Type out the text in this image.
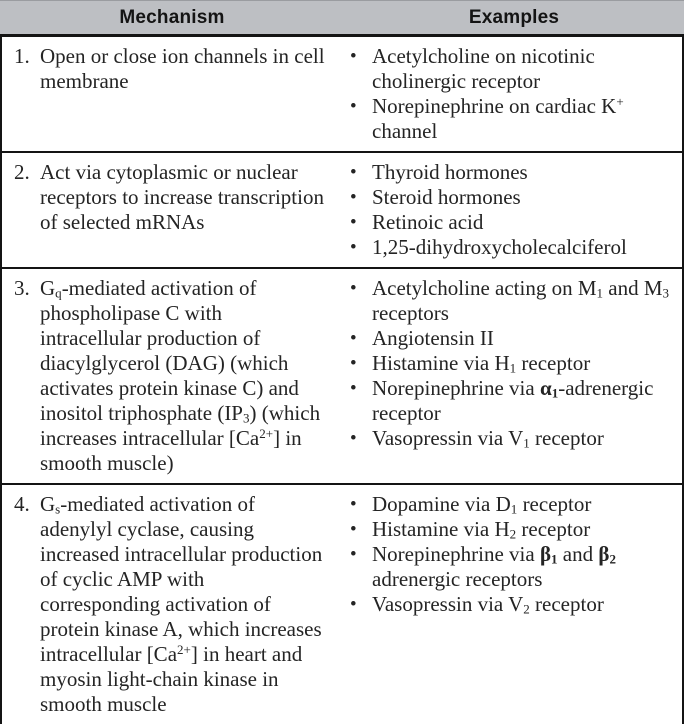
Mechanism	Examples
1. Open or close ion channels in cell membrane
• Acetylcholine on nicotinic cholinergic receptor
• Norepinephrine on cardiac K+ channel
2. Act via cytoplasmic or nuclear receptors to increase transcription of selected mRNAs
• Thyroid hormones
• Steroid hormones
• Retinoic acid
• 1,25-dihydroxycholecalciferol
3. $G_q$-mediated activation of phospholipase C with intracellular production of diacylglycerol (DAG) (which activates protein kinase C) and inositol triphosphate $(IP_3)$ (which increases intracellular $[Ca^{2+}]$ in smooth muscle)
• Acetylcholine acting on $M_1$ and $M_3$ receptors
• Angiotensin II
• Histamine via $H_1$ receptor
• Norepinephrine via $\alpha_1$-adrenergic receptor
• Vasopressin via $V_1$ receptor
4. $G_s$-mediated activation of adenylyl cyclase, causing increased intracellular production of cyclic AMP with corresponding activation of protein kinase A, which increases intracellular $[Ca^{2+}]$ in heart and myosin light-chain kinase in smooth muscle
• Dopamine via $D_1$ receptor
• Histamine via $H_2$ receptor
• Norepinephrine via $\beta_1$ and $\beta_2$ adrenergic receptors
• Vasopressin via $V_2$ receptor
